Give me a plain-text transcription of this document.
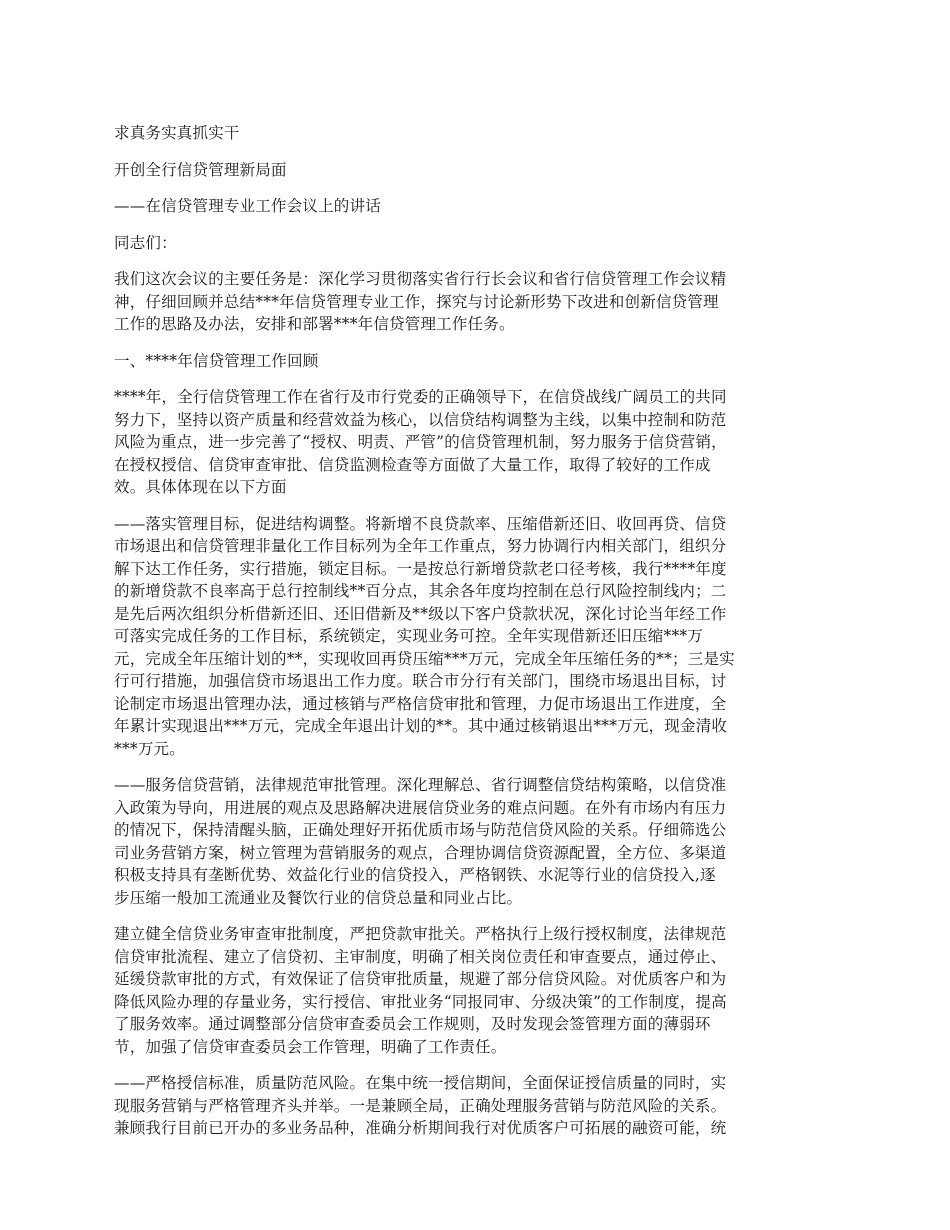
求真务实真抓实干
开创全行信贷管理新局面
——在信贷管理专业工作会议上的讲话
同志们：
我们这次会议的主要任务是：深化学习贯彻落实省行行长会议和省行信贷管理工作会议精
神，仔细回顾并总结***年信贷管理专业工作，探究与讨论新形势下改进和创新信贷管理
工作的思路及办法，安排和部署***年信贷管理工作任务。
一、****年信贷管理工作回顾
****年，全行信贷管理工作在省行及市行党委的正确领导下，在信贷战线广阔员工的共同
努力下，坚持以资产质量和经营效益为核心，以信贷结构调整为主线，以集中控制和防范
风险为重点，进一步完善了“授权、明责、严管”的信贷管理机制，努力服务于信贷营销，
在授权授信、信贷审查审批、信贷监测检查等方面做了大量工作，取得了较好的工作成
效。具体体现在以下方面
——落实管理目标，促进结构调整。将新增不良贷款率、压缩借新还旧、收回再贷、信贷
市场退出和信贷管理非量化工作目标列为全年工作重点，努力协调行内相关部门，组织分
解下达工作任务，实行措施，锁定目标。一是按总行新增贷款老口径考核，我行****年度
的新增贷款不良率高于总行控制线**百分点，其余各年度均控制在总行风险控制线内；二
是先后两次组织分析借新还旧、还旧借新及**级以下客户贷款状况，深化讨论当年经工作
可落实完成任务的工作目标，系统锁定，实现业务可控。全年实现借新还旧压缩***万
元，完成全年压缩计划的**，实现收回再贷压缩***万元，完成全年压缩任务的**；三是实
行可行措施，加强信贷市场退出工作力度。联合市分行有关部门，围绕市场退出目标，讨
论制定市场退出管理办法，通过核销与严格信贷审批和管理，力促市场退出工作进度，全
年累计实现退出***万元，完成全年退出计划的**。其中通过核销退出***万元，现金清收
***万元。
——服务信贷营销，法律规范审批管理。深化理解总、省行调整信贷结构策略，以信贷准
入政策为导向，用进展的观点及思路解决进展信贷业务的难点问题。在外有市场内有压力
的情况下，保持清醒头脑，正确处理好开拓优质市场与防范信贷风险的关系。仔细筛选公
司业务营销方案，树立管理为营销服务的观点，合理协调信贷资源配置，全方位、多渠道
积极支持具有垄断优势、效益化行业的信贷投入，严格钢铁、水泥等行业的信贷投入,逐
步压缩一般加工流通业及餐饮行业的信贷总量和同业占比。
建立健全信贷业务审查审批制度，严把贷款审批关。严格执行上级行授权制度，法律规范
信贷审批流程、建立了信贷初、主审制度，明确了相关岗位责任和审查要点，通过停止、
延缓贷款审批的方式，有效保证了信贷审批质量，规避了部分信贷风险。对优质客户和为
降低风险办理的存量业务，实行授信、审批业务“同报同审、分级决策”的工作制度，提高
了服务效率。通过调整部分信贷审查委员会工作规则，及时发现会签管理方面的薄弱环
节，加强了信贷审查委员会工作管理，明确了工作责任。
——严格授信标准，质量防范风险。在集中统一授信期间，全面保证授信质量的同时，实
现服务营销与严格管理齐头并举。一是兼顾全局，正确处理服务营销与防范风险的关系。
兼顾我行目前已开办的多业务品种，准确分析期间我行对优质客户可拓展的融资可能，统
